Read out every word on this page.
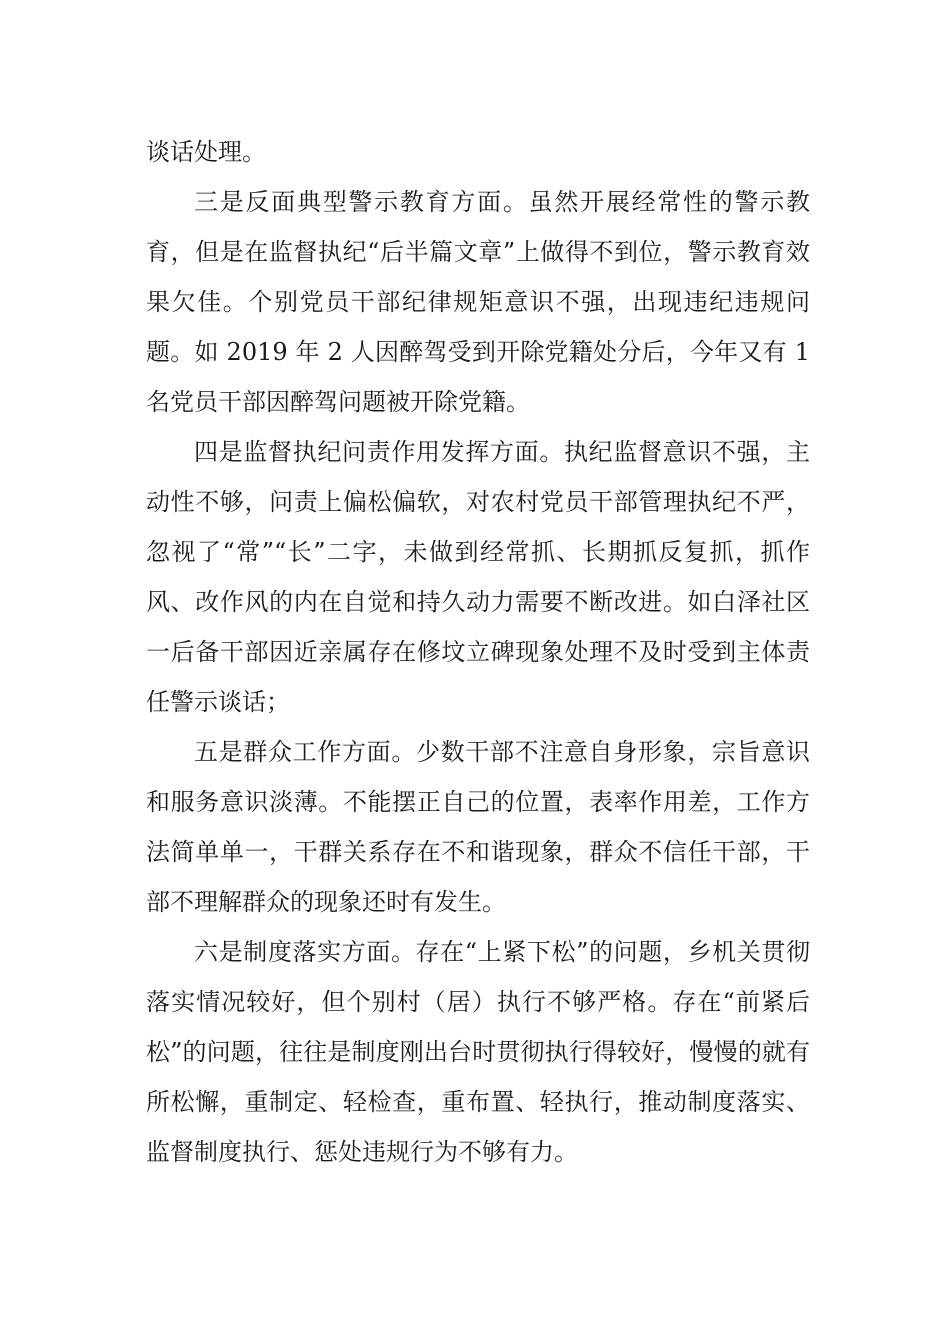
谈话处理。

三是反面典型警示教育方面。虽然开展经常性的警示教育，但是在监督执纪“后半篇文章”上做得不到位，警示教育效果欠佳。个别党员干部纪律规矩意识不强，出现违纪违规问题。如 2019 年 2 人因醉驾受到开除党籍处分后，今年又有 1 名党员干部因醉驾问题被开除党籍。

四是监督执纪问责作用发挥方面。执纪监督意识不强，主动性不够，问责上偏松偏软，对农村党员干部管理执纪不严，忽视了“常”“长”二字，未做到经常抓、长期抓反复抓，抓作风、改作风的内在自觉和持久动力需要不断改进。如白泽社区一后备干部因近亲属存在修坟立碑现象处理不及时受到主体责任警示谈话；

五是群众工作方面。少数干部不注意自身形象，宗旨意识和服务意识淡薄。不能摆正自己的位置，表率作用差，工作方法简单单一，干群关系存在不和谐现象，群众不信任干部，干部不理解群众的现象还时有发生。

六是制度落实方面。存在“上紧下松”的问题，乡机关贯彻落实情况较好，但个别村（居）执行不够严格。存在“前紧后松”的问题，往往是制度刚出台时贯彻执行得较好，慢慢的就有所松懈，重制定、轻检查，重布置、轻执行，推动制度落实、监督制度执行、惩处违规行为不够有力。
